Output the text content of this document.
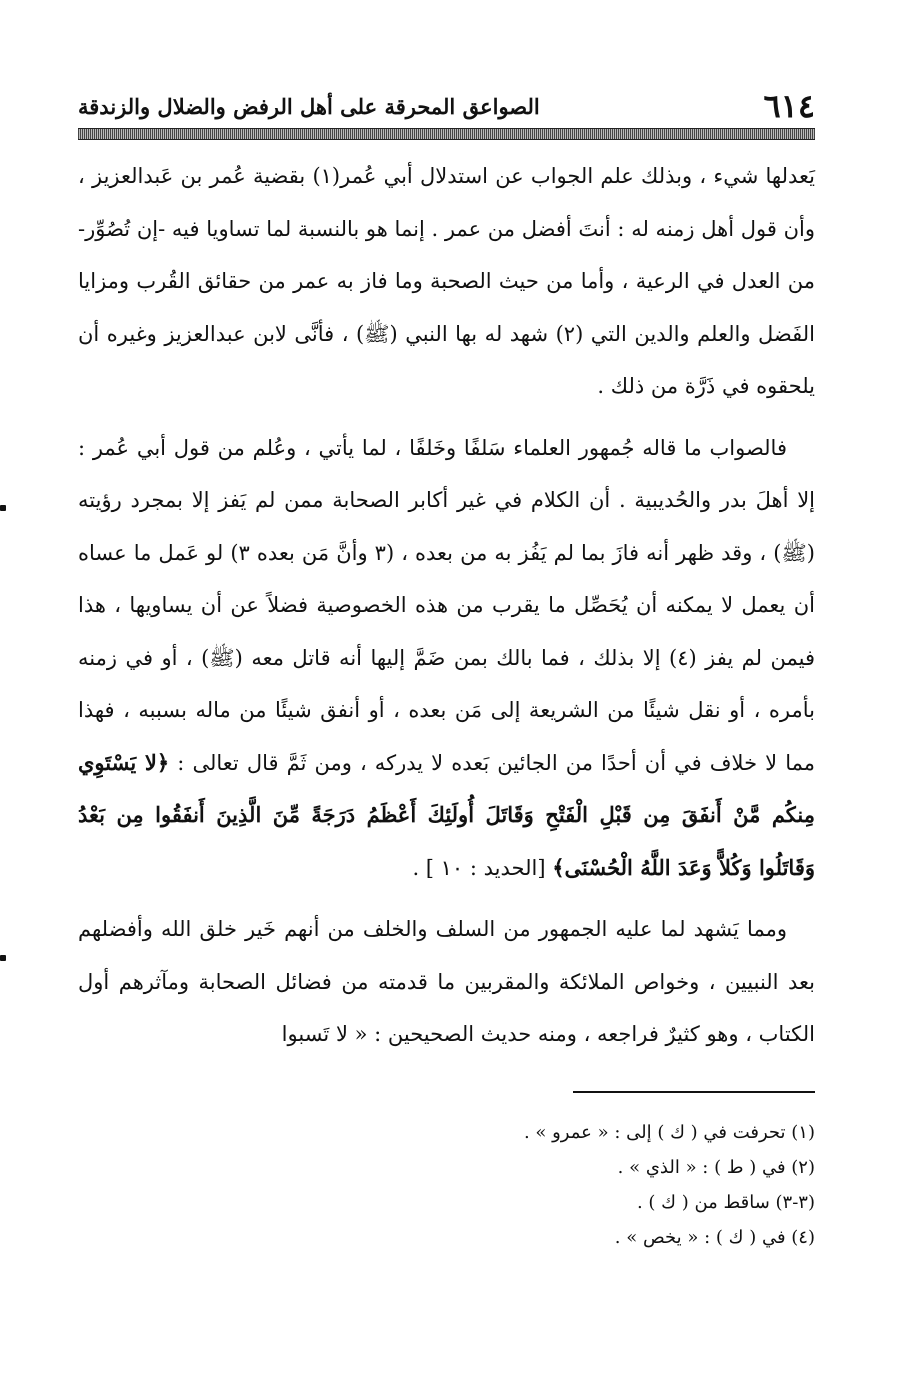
٦١٤
الصواعق المحرقة على أهل الرفض والضلال والزندقة

يَعدلها شيء ، وبذلك علم الجواب عن استدلال أبي عُمر(١) بقضية عُمر بن عَبدالعزيز ، وأن قول أهل زمنه له : أنتَ أفضل من عمر . إنما هو بالنسبة لما تساويا فيه -إن تُصُوِّر- من العدل في الرعية ، وأما من حيث الصحبة وما فاز به عمر من حقائق القُرب ومزايا الفَضل والعلم والدين التي (٢) شهد له بها النبي (ﷺ) ، فأنَّى لابن عبدالعزيز وغيره أن يلحقوه في ذَرَّة من ذلك .

فالصواب ما قاله جُمهور العلماء سَلفًا وخَلفًا ، لما يأتي ، وعُلم من قول أبي عُمر : إلا أهلَ بدر والحُديبية . أن الكلام في غير أكابر الصحابة ممن لم يَفز إلا بمجرد رؤيته (ﷺ) ، وقد ظهر أنه فازَ بما لم يَفُز به من بعده ، (٣ وأنَّ مَن بعده ٣) لو عَمل ما عساه أن يعمل لا يمكنه أن يُحَصِّل ما يقرب من هذه الخصوصية فضلاً عن أن يساويها ، هذا فيمن لم يفز (٤) إلا بذلك ، فما بالك بمن ضَمَّ إليها أنه قاتل معه (ﷺ) ، أو في زمنه بأمره ، أو نقل شيئًا من الشريعة إلى مَن بعده ، أو أنفق شيئًا من ماله بسببه ، فهذا مما لا خلاف في أن أحدًا من الجائين بَعده لا يدركه ، ومن ثَمَّ قال تعالى : ﴿لا يَسْتَوِي مِنكُم مَّنْ أَنفَقَ مِن قَبْلِ الْفَتْحِ وَقَاتَلَ أُولَئِكَ أَعْظَمُ دَرَجَةً مِّنَ الَّذِينَ أَنفَقُوا مِن بَعْدُ وَقَاتَلُوا وَكُلاًّ وَعَدَ اللَّهُ الْحُسْنَى﴾ [الحديد : ١٠ ] .

ومما يَشهد لما عليه الجمهور من السلف والخلف من أنهم خَير خلق الله وأفضلهم بعد النبيين ، وخواص الملائكة والمقربين ما قدمته من فضائل الصحابة ومآثرهم أول الكتاب ، وهو كثيرٌ فراجعه ، ومنه حديث الصحيحين : « لا تَسبوا

(١) تحرفت في ( ك ) إلى : « عمرو » .

(٢) في ( ط ) : « الذي » .

(٣-٣) ساقط من ( ك ) .

(٤) في ( ك ) : « يخص » .
